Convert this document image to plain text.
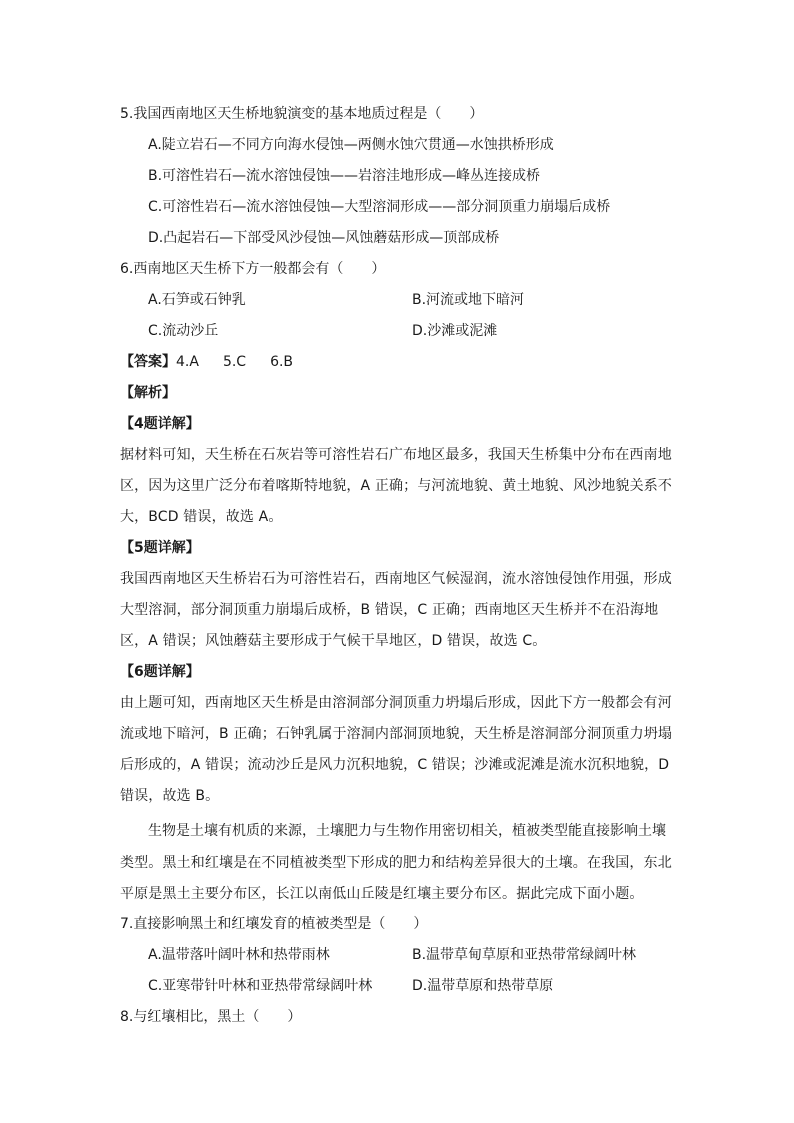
5.我国西南地区天生桥地貌演变的基本地质过程是（　　）
A.陡立岩石—不同方向海水侵蚀—两侧水蚀穴贯通—水蚀拱桥形成
B.可溶性岩石—流水溶蚀侵蚀——岩溶洼地形成—峰丛连接成桥
C.可溶性岩石—流水溶蚀侵蚀—大型溶洞形成——部分洞顶重力崩塌后成桥
D.凸起岩石—下部受风沙侵蚀—风蚀蘑菇形成—顶部成桥
6.西南地区天生桥下方一般都会有（　　）
A.石笋或石钟乳	B.河流或地下暗河
C.流动沙丘	D.沙滩或泥滩
【答案】4.A 5.C 6.B
【解析】
【4题详解】
据材料可知，天生桥在石灰岩等可溶性岩石广布地区最多，我国天生桥集中分布在西南地
区，因为这里广泛分布着喀斯特地貌，A 正确；与河流地貌、黄土地貌、风沙地貌关系不
大，BCD 错误，故选 A。
【5题详解】
我国西南地区天生桥岩石为可溶性岩石，西南地区气候湿润，流水溶蚀侵蚀作用强，形成
大型溶洞，部分洞顶重力崩塌后成桥，B 错误，C 正确；西南地区天生桥并不在沿海地
区，A 错误；风蚀蘑菇主要形成于气候干旱地区，D 错误，故选 C。
【6题详解】
由上题可知，西南地区天生桥是由溶洞部分洞顶重力坍塌后形成，因此下方一般都会有河
流或地下暗河，B 正确；石钟乳属于溶洞内部洞顶地貌，天生桥是溶洞部分洞顶重力坍塌
后形成的，A 错误；流动沙丘是风力沉积地貌，C 错误；沙滩或泥滩是流水沉积地貌，D
错误，故选 B。
生物是土壤有机质的来源，土壤肥力与生物作用密切相关，植被类型能直接影响土壤
类型。黑土和红壤是在不同植被类型下形成的肥力和结构差异很大的土壤。在我国，东北
平原是黑土主要分布区，长江以南低山丘陵是红壤主要分布区。据此完成下面小题。
7.直接影响黑土和红壤发育的植被类型是（　　）
A.温带落叶阔叶林和热带雨林	B.温带草甸草原和亚热带常绿阔叶林
C.亚寒带针叶林和亚热带常绿阔叶林	D.温带草原和热带草原
8.与红壤相比，黑土（　　）
